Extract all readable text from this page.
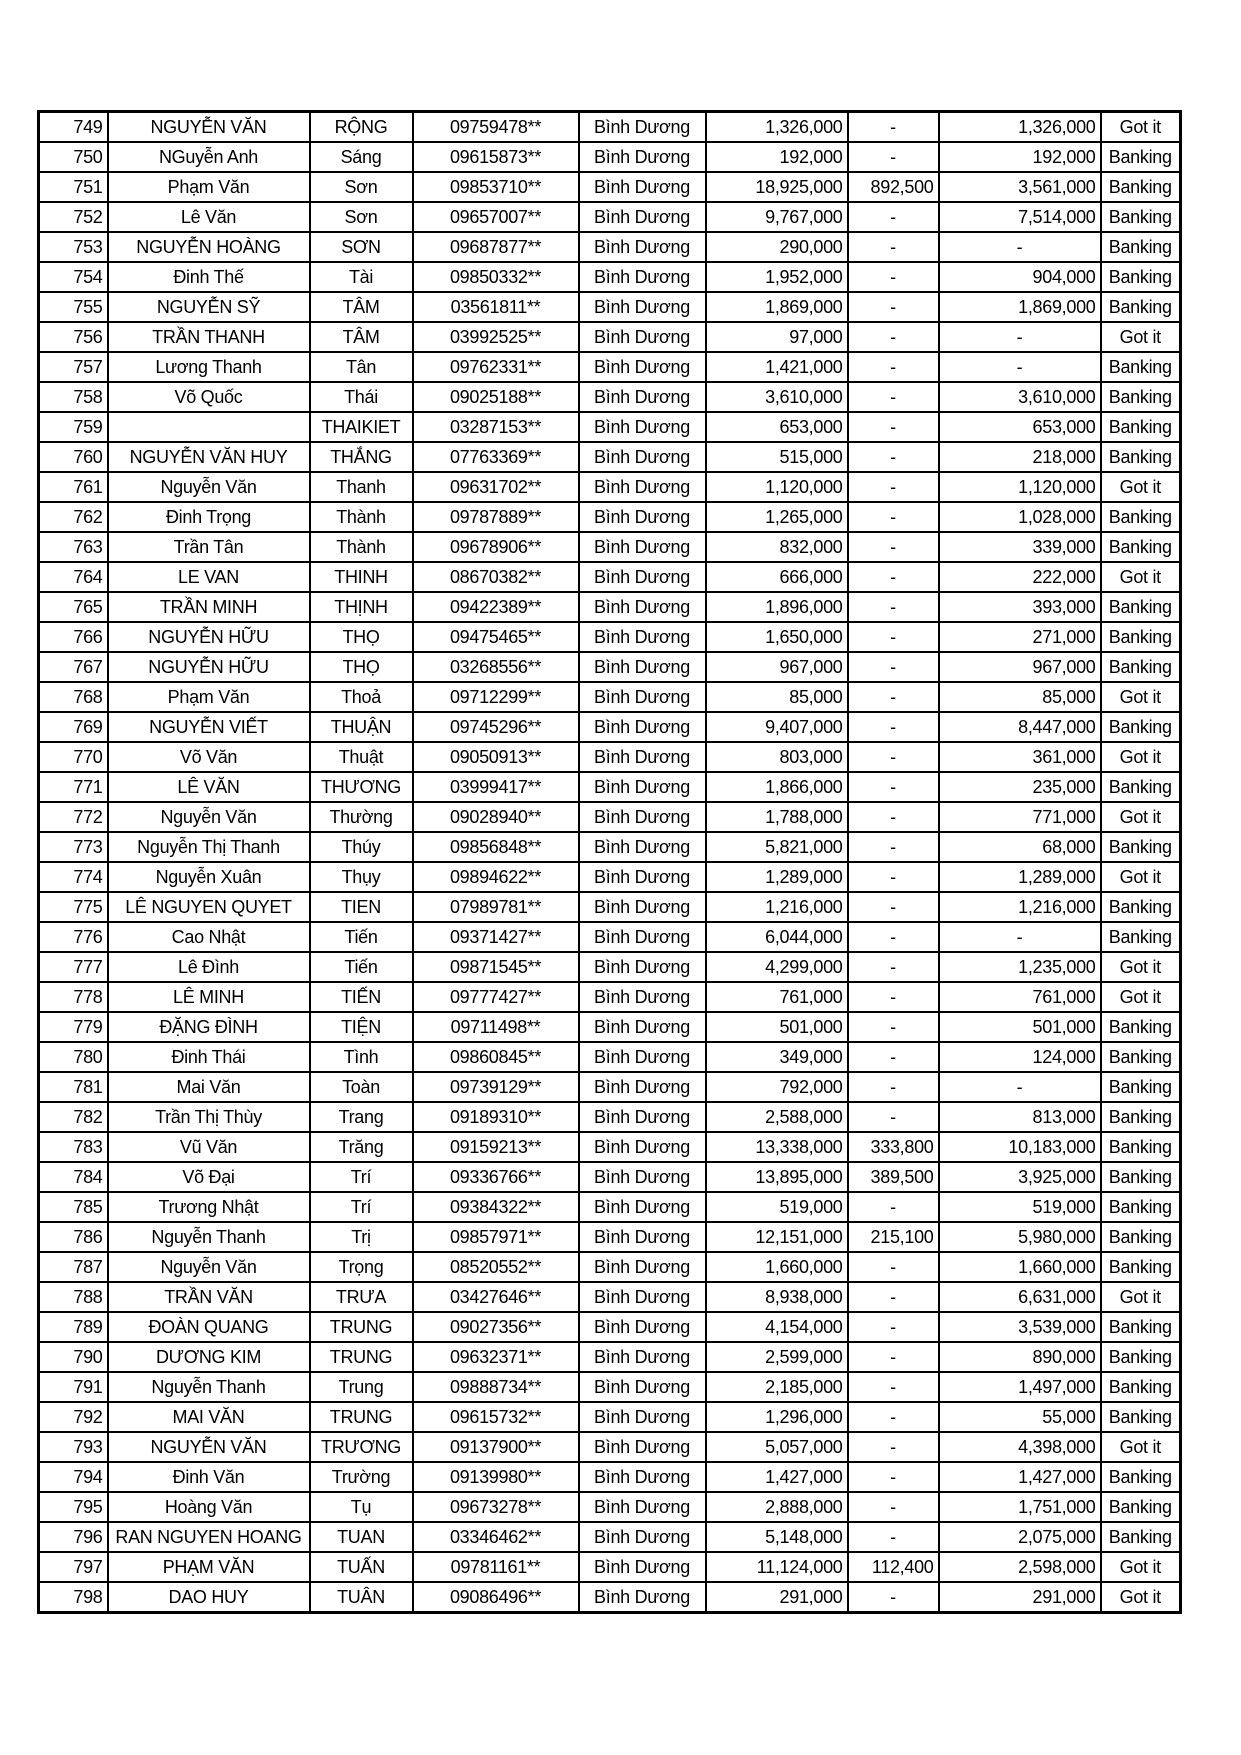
749	NGUYỄN VĂN	RỘNG	09759478**	Bình Dương	1,326,000	-	1,326,000	Got it
750	NGuyễn Anh	Sáng	09615873**	Bình Dương	192,000	-	192,000	Banking
751	Phạm Văn	Sơn	09853710**	Bình Dương	18,925,000	892,500	3,561,000	Banking
752	Lê Văn	Sơn	09657007**	Bình Dương	9,767,000	-	7,514,000	Banking
753	NGUYỄN HOÀNG	SƠN	09687877**	Bình Dương	290,000	-	-	Banking
754	Đinh Thế	Tài	09850332**	Bình Dương	1,952,000	-	904,000	Banking
755	NGUYỄN SỸ	TÂM	03561811**	Bình Dương	1,869,000	-	1,869,000	Banking
756	TRẦN THANH	TÂM	03992525**	Bình Dương	97,000	-	-	Got it
757	Lương Thanh	Tân	09762331**	Bình Dương	1,421,000	-	-	Banking
758	Võ Quốc	Thái	09025188**	Bình Dương	3,610,000	-	3,610,000	Banking
759		THAIKIET	03287153**	Bình Dương	653,000	-	653,000	Banking
760	NGUYỄN VĂN HUY	THẮNG	07763369**	Bình Dương	515,000	-	218,000	Banking
761	Nguyễn Văn	Thanh	09631702**	Bình Dương	1,120,000	-	1,120,000	Got it
762	Đinh Trọng	Thành	09787889**	Bình Dương	1,265,000	-	1,028,000	Banking
763	Trần Tân	Thành	09678906**	Bình Dương	832,000	-	339,000	Banking
764	LE VAN	THINH	08670382**	Bình Dương	666,000	-	222,000	Got it
765	TRẦN MINH	THỊNH	09422389**	Bình Dương	1,896,000	-	393,000	Banking
766	NGUYỄN HỮU	THỌ	09475465**	Bình Dương	1,650,000	-	271,000	Banking
767	NGUYỄN HỮU	THỌ	03268556**	Bình Dương	967,000	-	967,000	Banking
768	Phạm Văn	Thoả	09712299**	Bình Dương	85,000	-	85,000	Got it
769	NGUYỄN VIẾT	THUẬN	09745296**	Bình Dương	9,407,000	-	8,447,000	Banking
770	Võ Văn	Thuật	09050913**	Bình Dương	803,000	-	361,000	Got it
771	LÊ VĂN	THƯƠNG	03999417**	Bình Dương	1,866,000	-	235,000	Banking
772	Nguyễn Văn	Thường	09028940**	Bình Dương	1,788,000	-	771,000	Got it
773	Nguyễn Thị Thanh	Thúy	09856848**	Bình Dương	5,821,000	-	68,000	Banking
774	Nguyễn Xuân	Thụy	09894622**	Bình Dương	1,289,000	-	1,289,000	Got it
775	LÊ NGUYEN QUYET	TIEN	07989781**	Bình Dương	1,216,000	-	1,216,000	Banking
776	Cao Nhật	Tiến	09371427**	Bình Dương	6,044,000	-	-	Banking
777	Lê Đình	Tiến	09871545**	Bình Dương	4,299,000	-	1,235,000	Got it
778	LÊ MINH	TIẾN	09777427**	Bình Dương	761,000	-	761,000	Got it
779	ĐẶNG ĐÌNH	TIỆN	09711498**	Bình Dương	501,000	-	501,000	Banking
780	Đinh Thái	Tình	09860845**	Bình Dương	349,000	-	124,000	Banking
781	Mai Văn	Toàn	09739129**	Bình Dương	792,000	-	-	Banking
782	Trần Thị Thùy	Trang	09189310**	Bình Dương	2,588,000	-	813,000	Banking
783	Vũ Văn	Trăng	09159213**	Bình Dương	13,338,000	333,800	10,183,000	Banking
784	Võ Đại	Trí	09336766**	Bình Dương	13,895,000	389,500	3,925,000	Banking
785	Trương Nhật	Trí	09384322**	Bình Dương	519,000	-	519,000	Banking
786	Nguyễn Thanh	Trị	09857971**	Bình Dương	12,151,000	215,100	5,980,000	Banking
787	Nguyễn Văn	Trọng	08520552**	Bình Dương	1,660,000	-	1,660,000	Banking
788	TRẦN VĂN	TRƯA	03427646**	Bình Dương	8,938,000	-	6,631,000	Got it
789	ĐOÀN QUANG	TRUNG	09027356**	Bình Dương	4,154,000	-	3,539,000	Banking
790	DƯƠNG KIM	TRUNG	09632371**	Bình Dương	2,599,000	-	890,000	Banking
791	Nguyễn Thanh	Trung	09888734**	Bình Dương	2,185,000	-	1,497,000	Banking
792	MAI VĂN	TRUNG	09615732**	Bình Dương	1,296,000	-	55,000	Banking
793	NGUYỄN VĂN	TRƯƠNG	09137900**	Bình Dương	5,057,000	-	4,398,000	Got it
794	Đinh Văn	Trường	09139980**	Bình Dương	1,427,000	-	1,427,000	Banking
795	Hoàng Văn	Tụ	09673278**	Bình Dương	2,888,000	-	1,751,000	Banking
796	RAN NGUYEN HOANG	TUAN	03346462**	Bình Dương	5,148,000	-	2,075,000	Banking
797	PHẠM VĂN	TUẤN	09781161**	Bình Dương	11,124,000	112,400	2,598,000	Got it
798	DAO HUY	TUÂN	09086496**	Bình Dương	291,000	-	291,000	Got it
